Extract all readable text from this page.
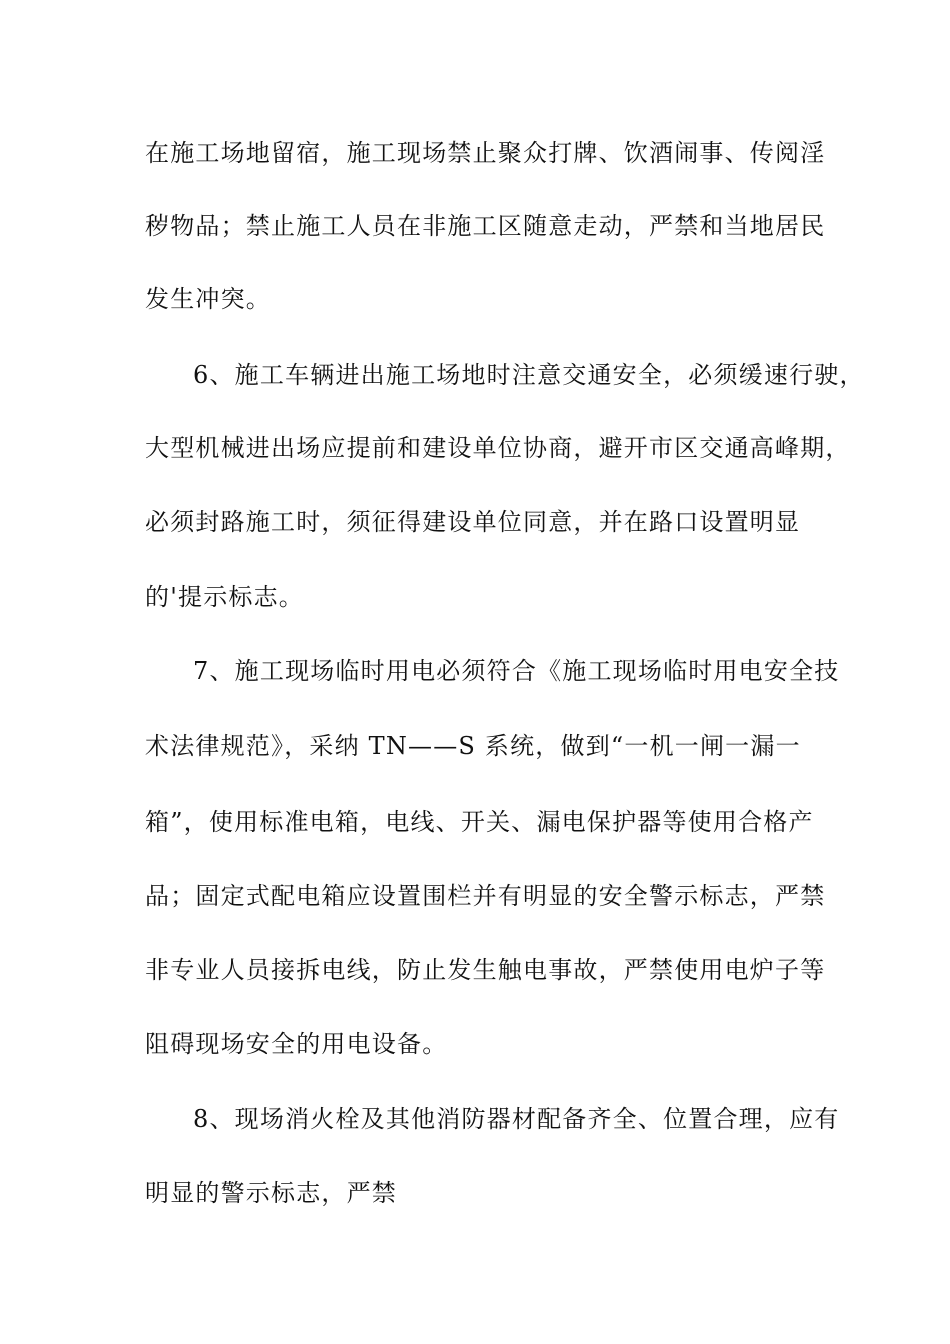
在施工场地留宿，施工现场禁止聚众打牌、饮酒闹事、传阅淫
秽物品；禁止施工人员在非施工区随意走动，严禁和当地居民
发生冲突。
6、施工车辆进出施工场地时注意交通安全，必须缓速行驶，
大型机械进出场应提前和建设单位协商，避开市区交通高峰期，
必须封路施工时，须征得建设单位同意，并在路口设置明显
的'提示标志。
7、施工现场临时用电必须符合《施工现场临时用电安全技
术法律规范》，采纳 TN——S 系统，做到“一机一闸一漏一
箱”，使用标准电箱，电线、开关、漏电保护器等使用合格产
品；固定式配电箱应设置围栏并有明显的安全警示标志，严禁
非专业人员接拆电线，防止发生触电事故，严禁使用电炉子等
阻碍现场安全的用电设备。
8、现场消火栓及其他消防器材配备齐全、位置合理，应有
明显的警示标志，严禁
